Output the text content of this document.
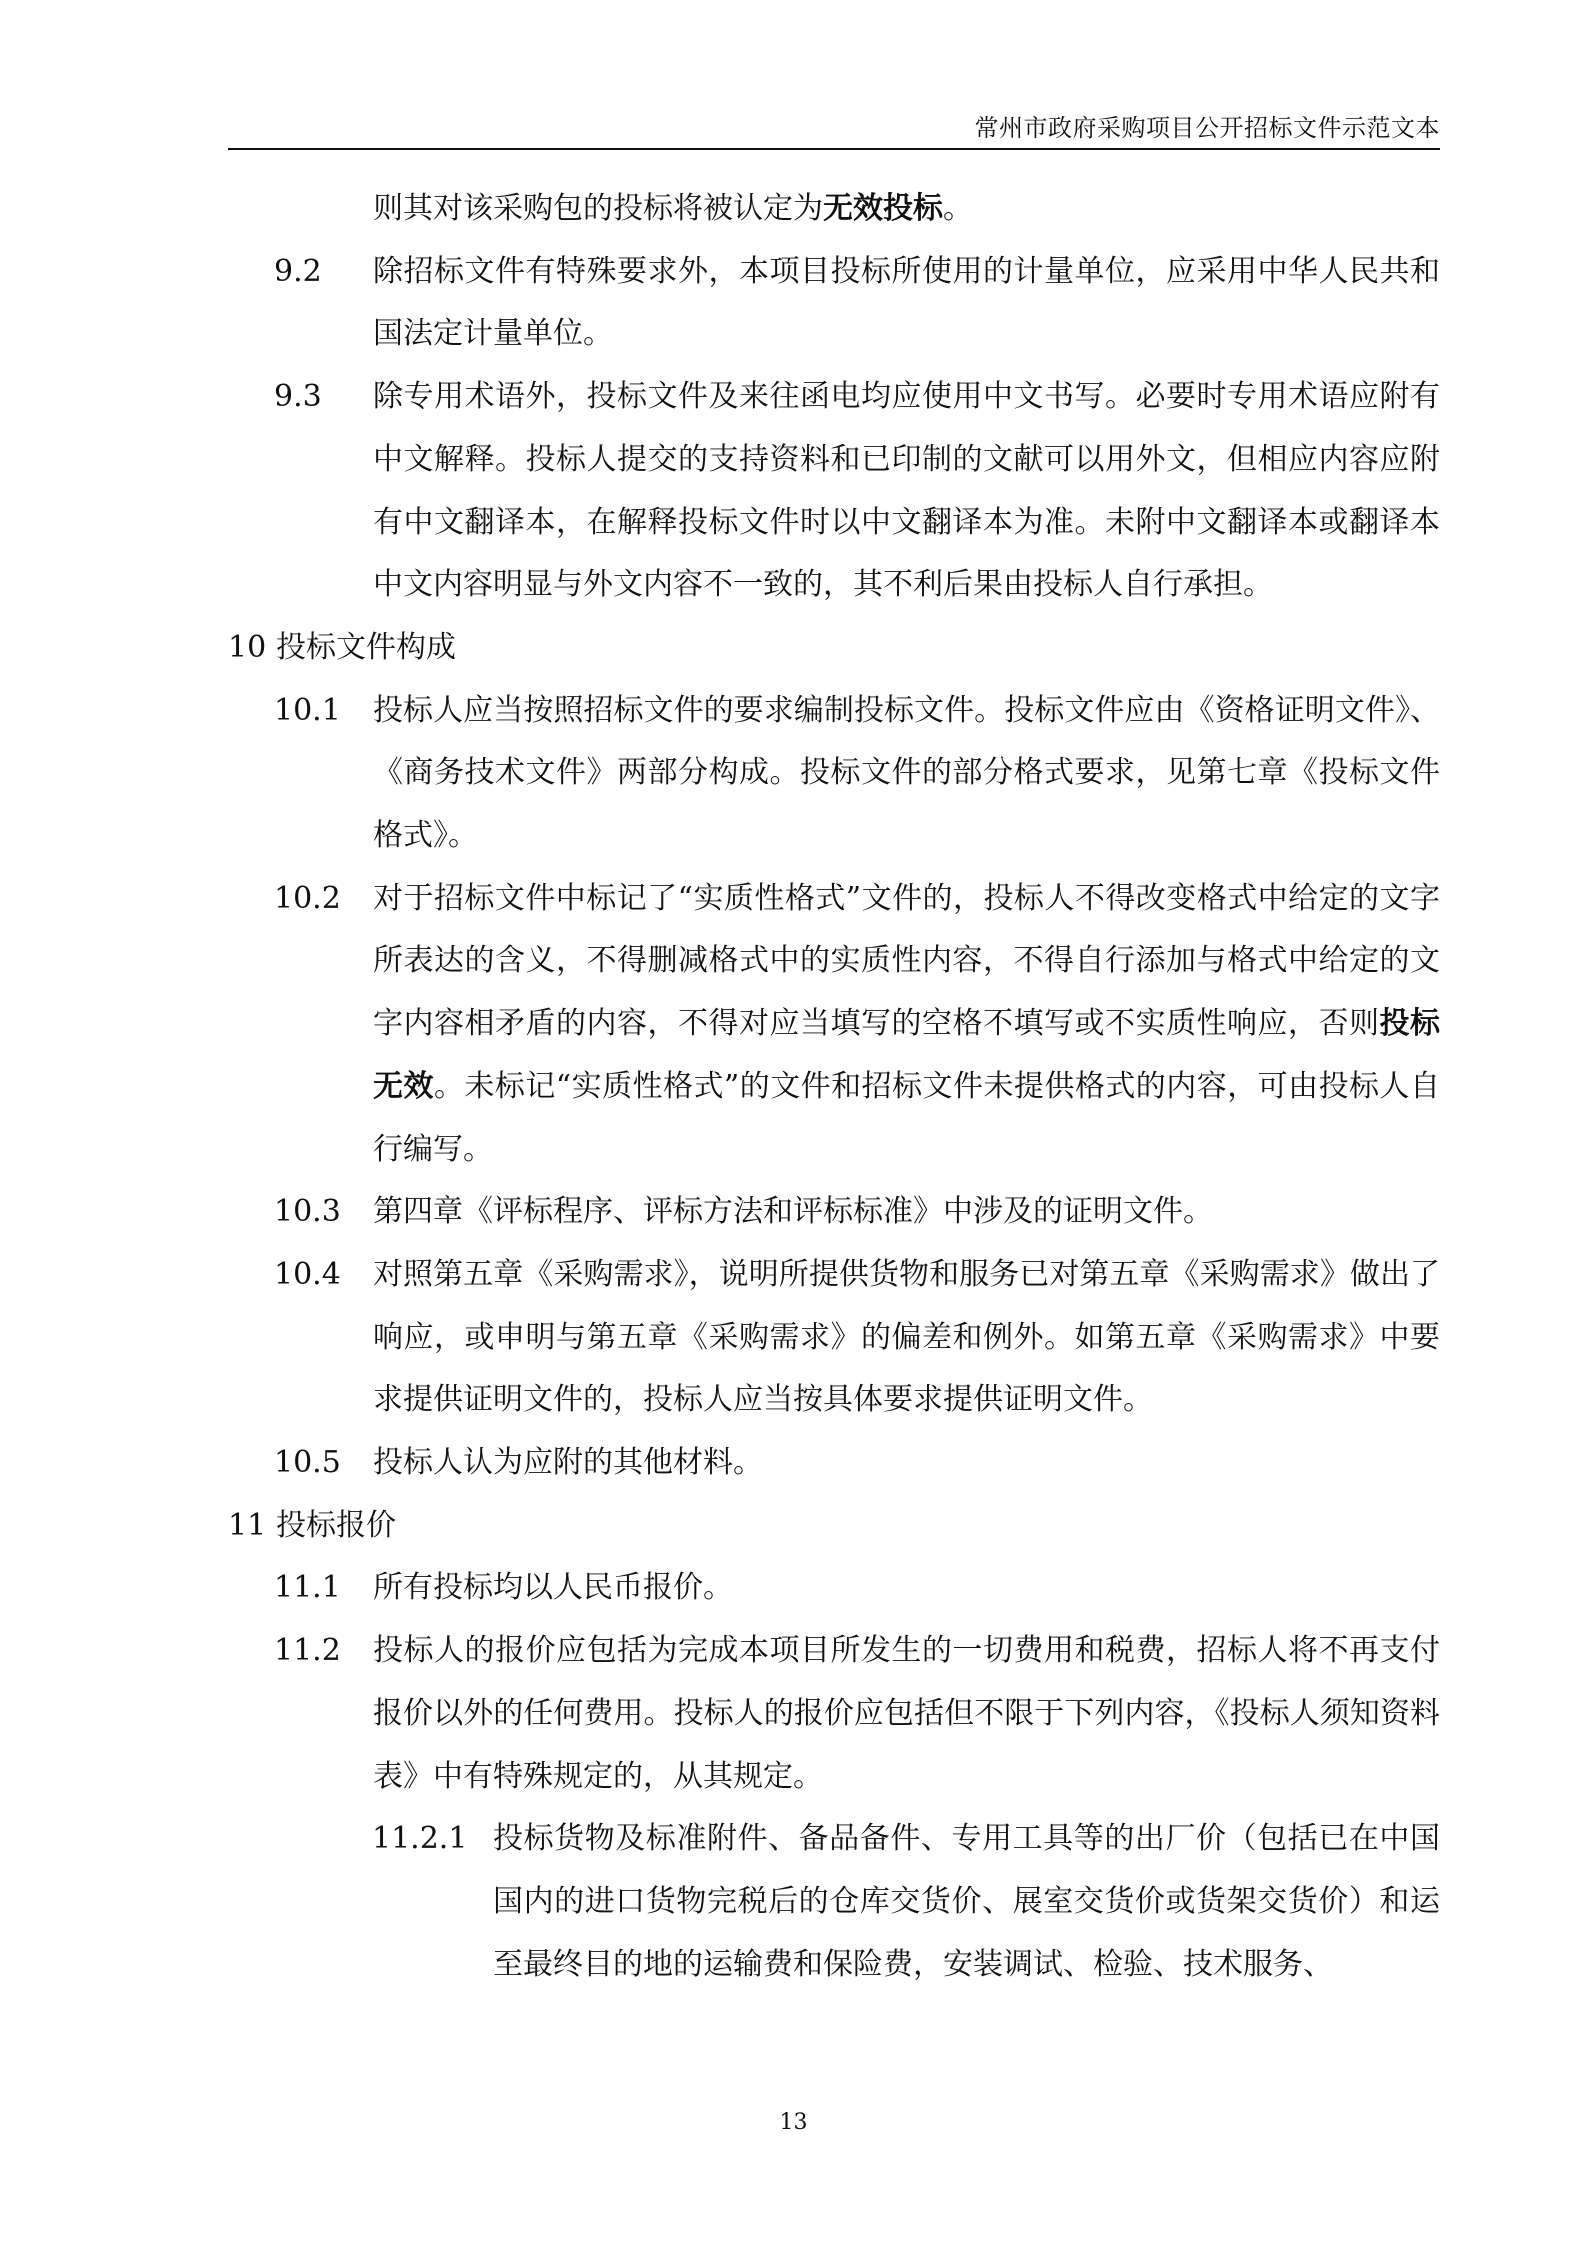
常州市政府采购项目公开招标文件示范文本
则其对该采购包的投标将被认定为无效投标。
9.2	除招标文件有特殊要求外，本项目投标所使用的计量单位，应采用中华人民共和国法定计量单位。
9.3	除专用术语外，投标文件及来往函电均应使用中文书写。必要时专用术语应附有中文解释。投标人提交的支持资料和已印制的文献可以用外文，但相应内容应附有中文翻译本，在解释投标文件时以中文翻译本为准。未附中文翻译本或翻译本中文内容明显与外文内容不一致的，其不利后果由投标人自行承担。
10 投标文件构成
10.1	投标人应当按照招标文件的要求编制投标文件。投标文件应由《资格证明文件》、《商务技术文件》两部分构成。投标文件的部分格式要求，见第七章《投标文件格式》。
10.2	对于招标文件中标记了“实质性格式”文件的，投标人不得改变格式中给定的文字所表达的含义，不得删减格式中的实质性内容，不得自行添加与格式中给定的文字内容相矛盾的内容，不得对应当填写的空格不填写或不实质性响应，否则投标无效。未标记“实质性格式”的文件和招标文件未提供格式的内容，可由投标人自行编写。
10.3	第四章《评标程序、评标方法和评标标准》中涉及的证明文件。
10.4	对照第五章《采购需求》，说明所提供货物和服务已对第五章《采购需求》做出了响应，或申明与第五章《采购需求》的偏差和例外。如第五章《采购需求》中要求提供证明文件的，投标人应当按具体要求提供证明文件。
10.5	投标人认为应附的其他材料。
11 投标报价
11.1	所有投标均以人民币报价。
11.2	投标人的报价应包括为完成本项目所发生的一切费用和税费，招标人将不再支付报价以外的任何费用。投标人的报价应包括但不限于下列内容，《投标人须知资料表》中有特殊规定的，从其规定。
11.2.1 投标货物及标准附件、备品备件、专用工具等的出厂价（包括已在中国国内的进口货物完税后的仓库交货价、展室交货价或货架交货价）和运至最终目的地的运输费和保险费，安装调试、检验、技术服务、
13
